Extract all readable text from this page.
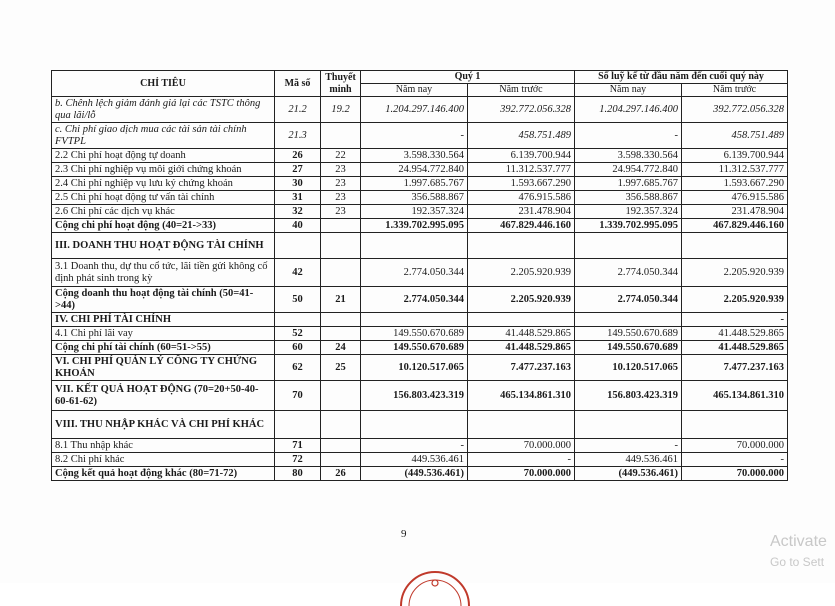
CHỈ TIÊU	Mã số	Thuyết minh	Quý 1		Số luỹ kế từ đầu năm đến cuối quý này	
			Năm nay	Năm trước	Năm nay	Năm trước
b. Chênh lệch giảm đánh giá lại các TSTC thông qua lãi/lỗ	21.2	19.2	1.204.297.146.400	392.772.056.328	1.204.297.146.400	392.772.056.328
c. Chi phí giao dịch mua các tài sản tài chính FVTPL	21.3		-	458.751.489	-	458.751.489
2.2 Chi phí hoạt động tự doanh	26	22	3.598.330.564	6.139.700.944	3.598.330.564	6.139.700.944
2.3 Chi phí nghiệp vụ môi giới chứng khoán	27	23	24.954.772.840	11.312.537.777	24.954.772.840	11.312.537.777
2.4 Chi phí nghiệp vụ lưu ký chứng khoán	30	23	1.997.685.767	1.593.667.290	1.997.685.767	1.593.667.290
2.5 Chi phí hoạt động tư vấn tài chính	31	23	356.588.867	476.915.586	356.588.867	476.915.586
2.6 Chi phí các dịch vụ khác	32	23	192.357.324	231.478.904	192.357.324	231.478.904
Cộng chi phí hoạt động (40=21->33)	40		1.339.702.995.095	467.829.446.160	1.339.702.995.095	467.829.446.160
III. DOANH THU HOẠT ĐỘNG TÀI CHÍNH						
3.1 Doanh thu, dự thu cổ tức, lãi tiền gửi không cố định phát sinh trong kỳ	42		2.774.050.344	2.205.920.939	2.774.050.344	2.205.920.939
Cộng doanh thu hoạt động tài chính (50=41->44)	50	21	2.774.050.344	2.205.920.939	2.774.050.344	2.205.920.939
IV. CHI PHÍ TÀI CHÍNH						-
4.1 Chi phí lãi vay	52		149.550.670.689	41.448.529.865	149.550.670.689	41.448.529.865
Cộng chi phí tài chính (60=51->55)	60	24	149.550.670.689	41.448.529.865	149.550.670.689	41.448.529.865
VI. CHI PHÍ QUẢN LÝ CÔNG TY CHỨNG KHOÁN	62	25	10.120.517.065	7.477.237.163	10.120.517.065	7.477.237.163
VII. KẾT QUẢ HOẠT ĐỘNG (70=20+50-40-60-61-62)	70		156.803.423.319	465.134.861.310	156.803.423.319	465.134.861.310
VIII. THU NHẬP KHÁC VÀ CHI PHÍ KHÁC						
8.1 Thu nhập khác	71		-	70.000.000	-	70.000.000
8.2 Chi phí khác	72		449.536.461	-	449.536.461	-
Cộng kết quả hoạt động khác (80=71-72)	80	26	(449.536.461)	70.000.000	(449.536.461)	70.000.000
9	Activate
Go to Sett
